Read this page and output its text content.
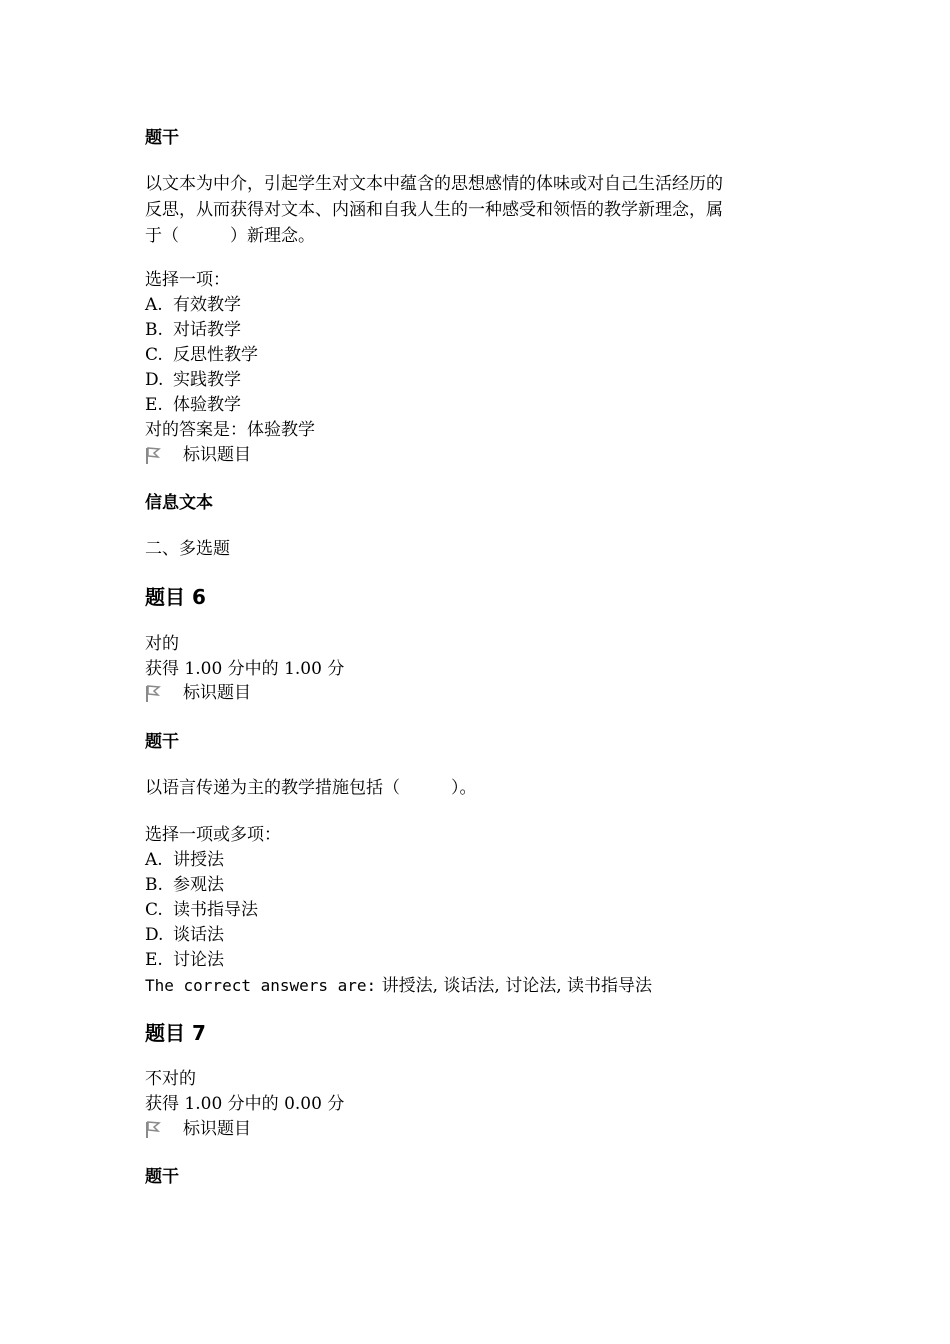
题干
以文本为中介，引起学生对文本中蕴含的思想感情的体味或对自己生活经历的
反思，从而获得对文本、内涵和自我人生的一种感受和领悟的教学新理念，属
于（　　　）新理念。
选择一项：
A. 有效教学
B. 对话教学
C. 反思性教学
D. 实践教学
E. 体验教学
对的答案是：体验教学
标识题目
信息文本
二、多选题
题目 6
对的
获得 1.00 分中的 1.00 分
标识题目
题干
以语言传递为主的教学措施包括（　　　）。
选择一项或多项：
A. 讲授法
B. 参观法
C. 读书指导法
D. 谈话法
E. 讨论法
The correct answers are: 讲授法, 谈话法, 讨论法, 读书指导法
题目 7
不对的
获得 1.00 分中的 0.00 分
标识题目
题干
